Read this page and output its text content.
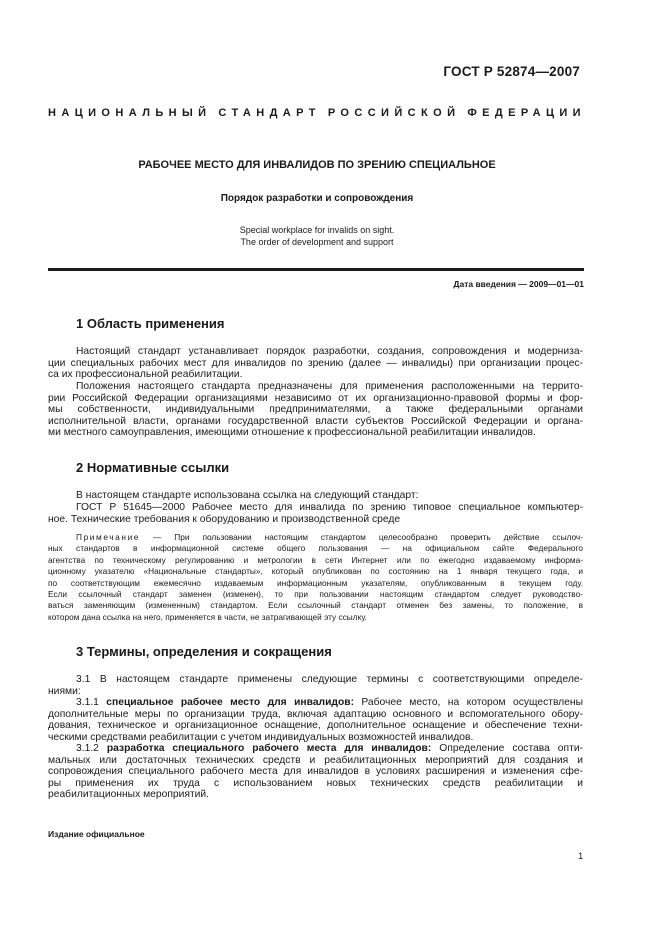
ГОСТ Р 52874—2007
НАЦИОНАЛЬНЫЙ СТАНДАРТ РОССИЙСКОЙ ФЕДЕРАЦИИ
РАБОЧЕЕ МЕСТО ДЛЯ ИНВАЛИДОВ ПО ЗРЕНИЮ СПЕЦИАЛЬНОЕ
Порядок разработки и сопровождения
Special workplace for invalids on sight.
The order of development and support
Дата введения — 2009—01—01
1 Область применения
Настоящий стандарт устанавливает порядок разработки, создания, сопровождения и модерниза-
ции специальных рабочих мест для инвалидов по зрению (далее — инвалиды) при организации процес-
са их профессиональной реабилитации.
Положения настоящего стандарта предназначены для применения расположенными на террито-
рии Российской Федерации организациями независимо от их организационно-правовой формы и фор-
мы собственности, индивидуальными предпринимателями, а также федеральными органами
исполнительной власти, органами государственной власти субъектов Российской Федерации и органа-
ми местного самоуправления, имеющими отношение к профессиональной реабилитации инвалидов.
2 Нормативные ссылки
В настоящем стандарте использована ссылка на следующий стандарт:
ГОСТ Р 51645—2000 Рабочее место для инвалида по зрению типовое специальное компьютер-
ное. Технические требования к оборудованию и производственной среде
Примечание — При пользовании настоящим стандартом целесообразно проверить действие ссылоч-
ных стандартов в информационной системе общего пользования — на официальном сайте Федерального
агентства по техническому регулированию и метрологии в сети Интернет или по ежегодно издаваемому информа-
ционному указателю «Национальные стандарты», который опубликован по состоянию на 1 января текущего года, и
по соответствующим ежемесячно издаваемым информационным указателям, опубликованным в текущем году.
Если ссылочный стандарт заменен (изменен), то при пользовании настоящим стандартом следует руководство-
ваться заменяющим (измененным) стандартом. Если ссылочный стандарт отменен без замены, то положение, в
котором дана ссылка на него, применяется в части, не затрагивающей эту ссылку.
3 Термины, определения и сокращения
3.1 В настоящем стандарте применены следующие термины с соответствующими определе-
ниями:
3.1.1 специальное рабочее место для инвалидов: Рабочее место, на котором осуществлены
дополнительные меры по организации труда, включая адаптацию основного и вспомогательного обору-
дования, техническое и организационное оснащение, дополнительное оснащение и обеспечение техни-
ческими средствами реабилитации с учетом индивидуальных возможностей инвалидов.
3.1.2 разработка специального рабочего места для инвалидов: Определение состава опти-
мальных или достаточных технических средств и реабилитационных мероприятий для создания и
сопровождения специального рабочего места для инвалидов в условиях расширения и изменения сфе-
ры применения их труда с использованием новых технических средств реабилитации и
реабилитационных мероприятий.
Издание официальное
1
